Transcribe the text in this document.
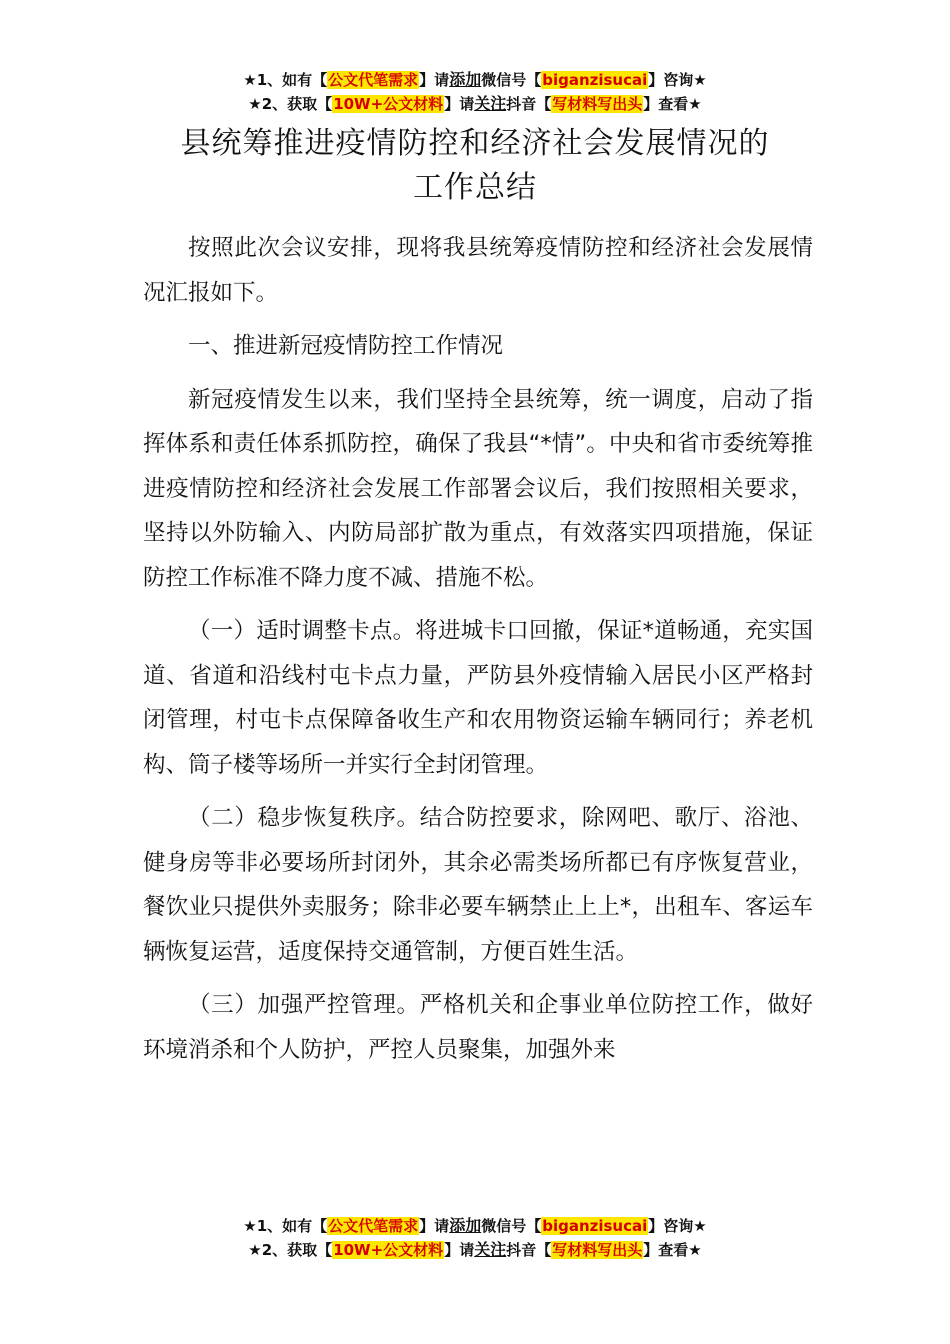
★1、如有【公文代笔需求】请添加微信号【biganzisucai】咨询★
★2、获取【10W+公文材料】请关注抖音【写材料写出头】查看★
县统筹推进疫情防控和经济社会发展情况的
工作总结

按照此次会议安排，现将我县统筹疫情防控和经济社会发展情况汇报如下。

一、推进新冠疫情防控工作情况

新冠疫情发生以来，我们坚持全县统筹，统一调度，启动了指挥体系和责任体系抓防控，确保了我县“*情”。中央和省市委统筹推进疫情防控和经济社会发展工作部署会议后，我们按照相关要求，坚持以外防输入、内防局部扩散为重点，有效落实四项措施，保证防控工作标准不降力度不减、措施不松。

（一）适时调整卡点。将进城卡口回撤，保证*道畅通，充实国道、省道和沿线村屯卡点力量，严防县外疫情输入居民小区严格封闭管理，村屯卡点保障备收生产和农用物资运输车辆同行；养老机构、筒子楼等场所一并实行全封闭管理。

（二）稳步恢复秩序。结合防控要求，除网吧、歌厅、浴池、健身房等非必要场所封闭外，其余必需类场所都已有序恢复营业，餐饮业只提供外卖服务；除非必要车辆禁止上上*，出租车、客运车辆恢复运营，适度保持交通管制，方便百姓生活。

（三）加强严控管理。严格机关和企事业单位防控工作，做好环境消杀和个人防护，严控人员聚集，加强外来

★1、如有【公文代笔需求】请添加微信号【biganzisucai】咨询★
★2、获取【10W+公文材料】请关注抖音【写材料写出头】查看★
